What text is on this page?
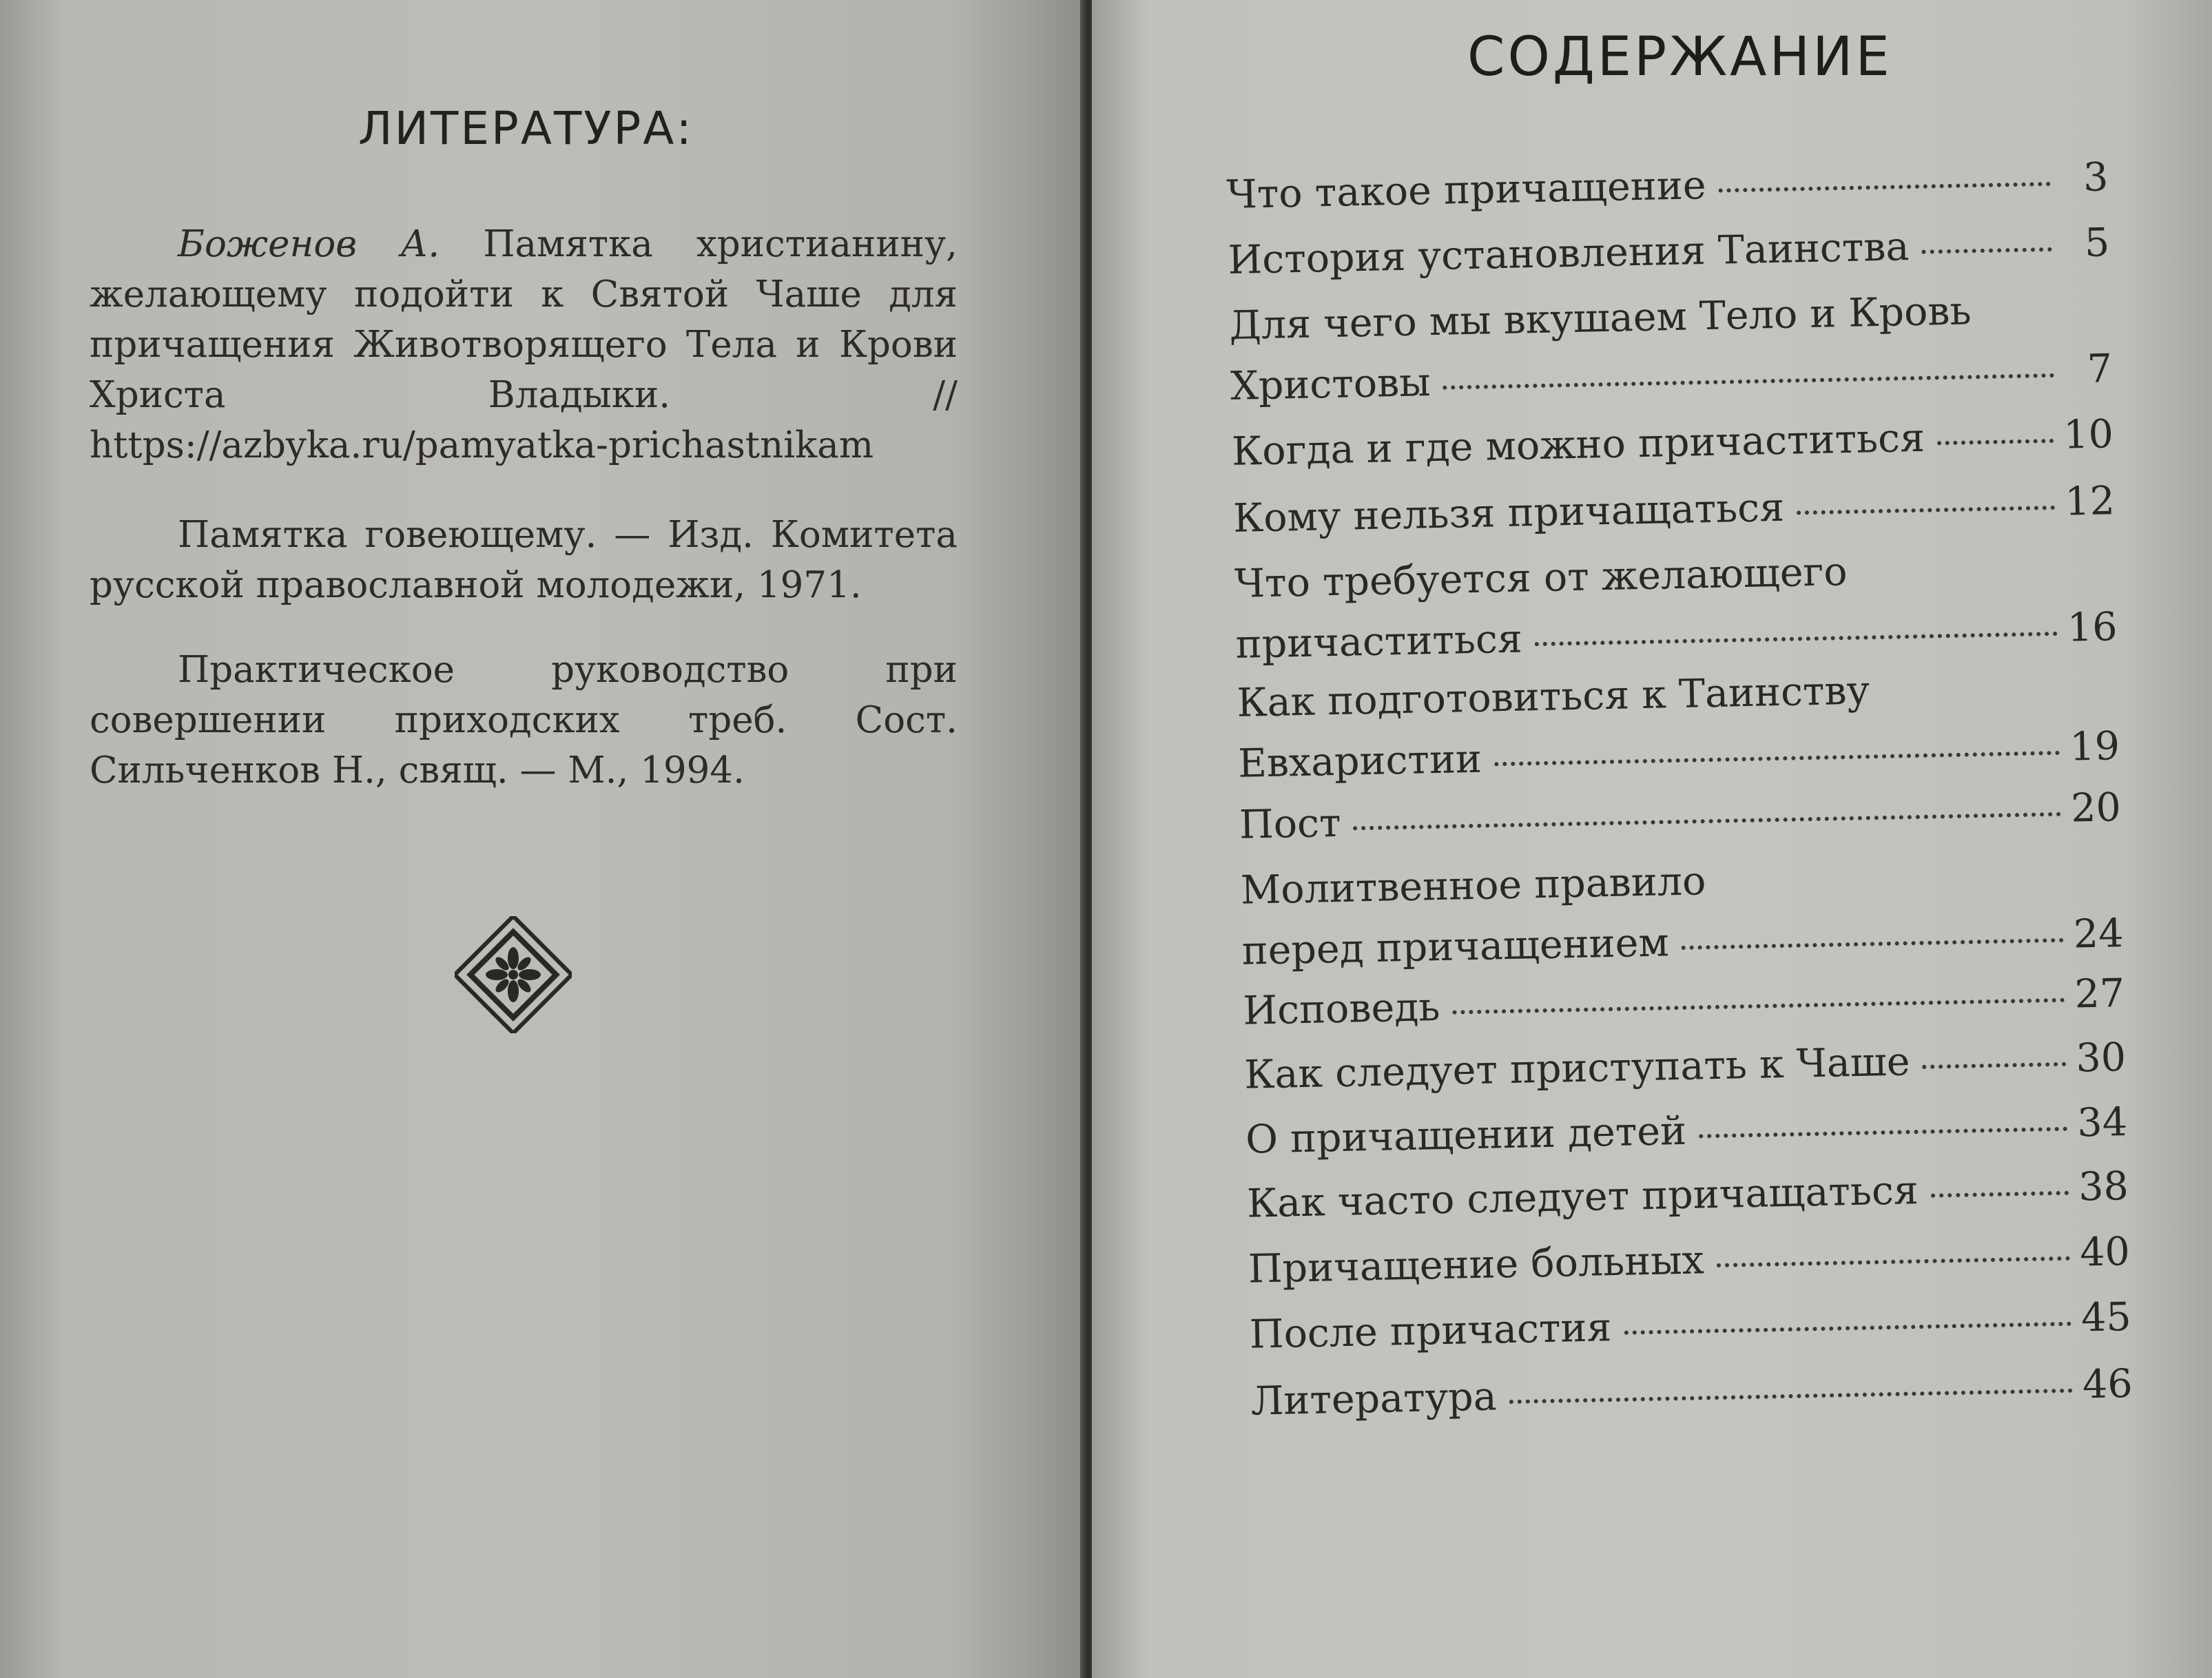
ЛИТЕРАТУРА:
Боженов А. Памятка христианину, желающему подойти к Святой Чаше для причащения Животворящего Тела и Крови Христа Владыки. // https://azbyka.ru/pamyatka-prichastnikam
Памятка говеющему. — Изд. Комитета русской православной молодежи, 1971.
Практическое руководство при совершении приходских треб. Сост. Сильченков Н., свящ. — М., 1994.
СОДЕРЖАНИЕ
Что такое причащение	3
История установления Таинства	5
Для чего мы вкушаем Тело и Кровь
Христовы	7
Когда и где можно причаститься	10
Кому нельзя причащаться	12
Что требуется от желающего
причаститься	16
Как подготовиться к Таинству
Евхаристии	19
Пост	20
Молитвенное правило
перед причащением	24
Исповедь	27
Как следует приступать к Чаше	30
О причащении детей	34
Как часто следует причащаться	38
Причащение больных	40
После причастия	45
Литература	46
